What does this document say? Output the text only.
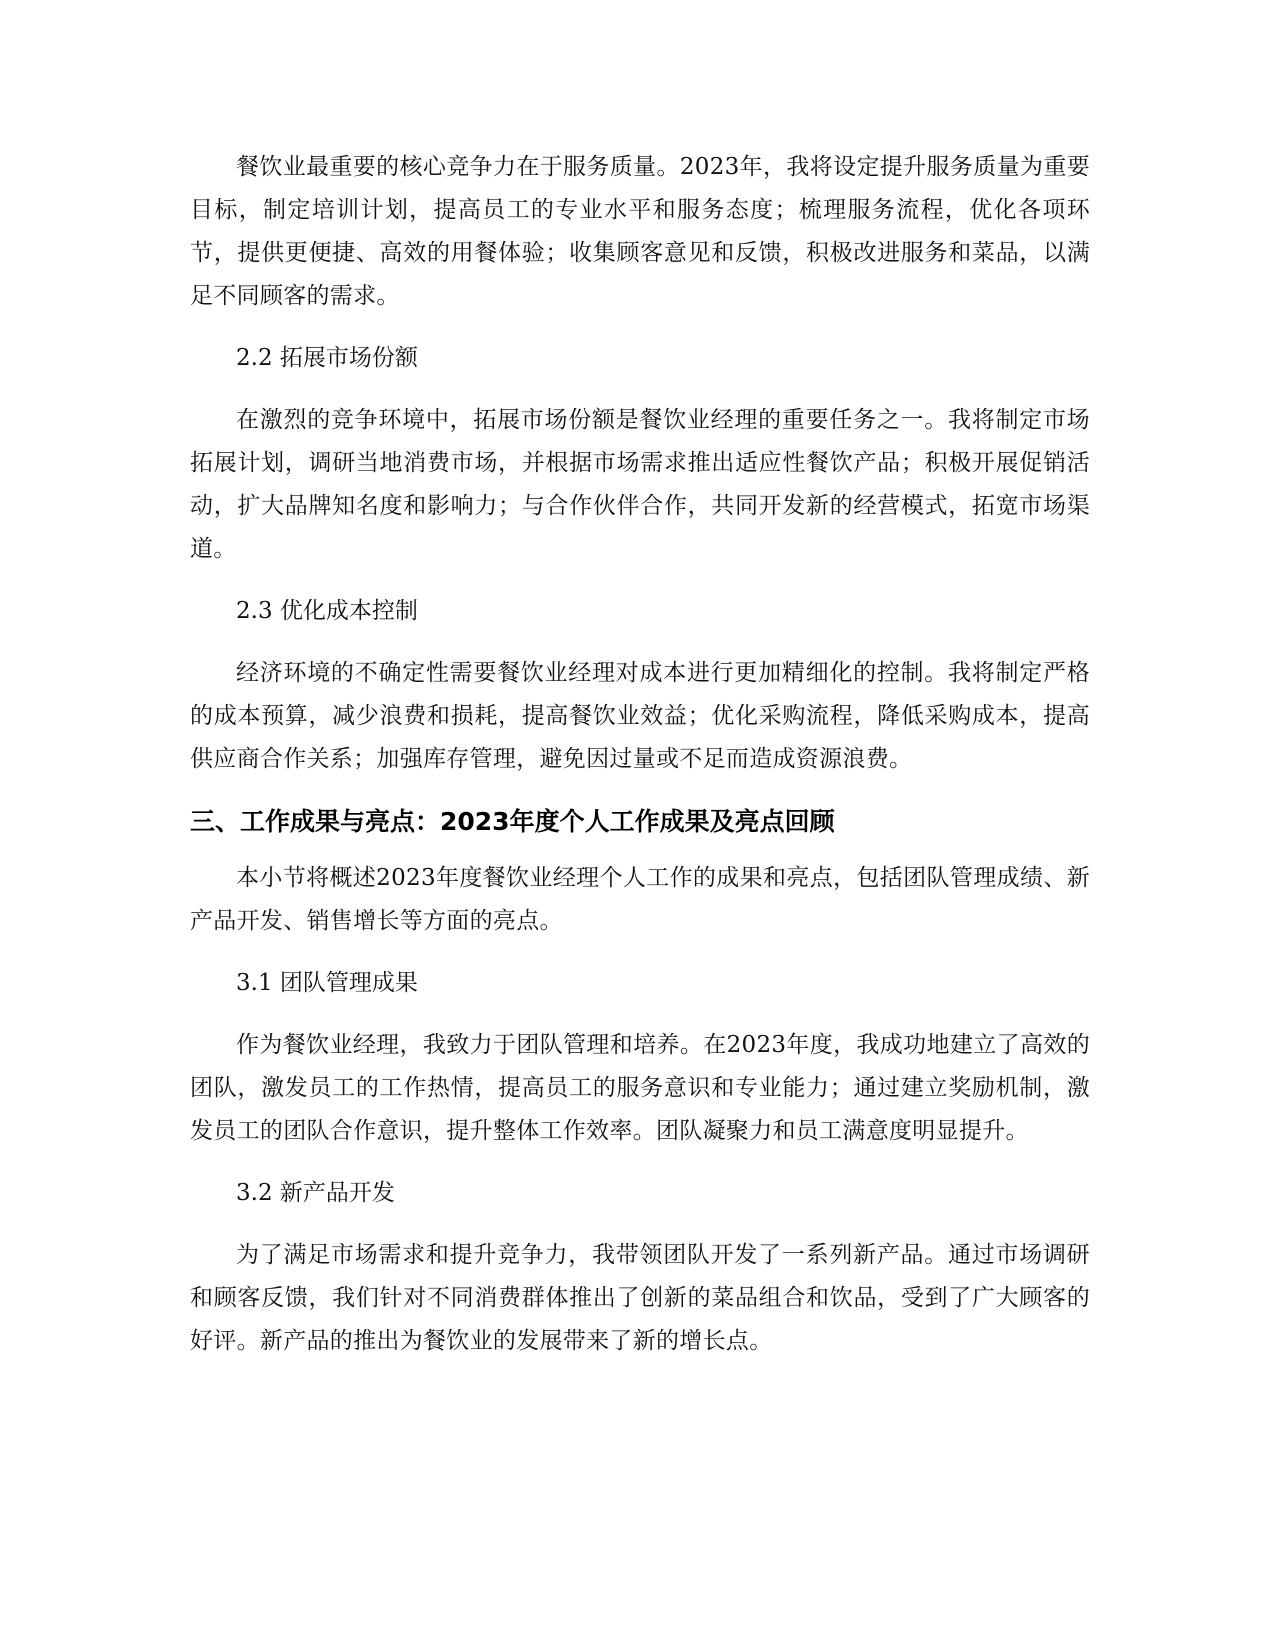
餐饮业最重要的核心竞争力在于服务质量。2023年，我将设定提升服务质量为重要目标，制定培训计划，提高员工的专业水平和服务态度；梳理服务流程，优化各项环节，提供更便捷、高效的用餐体验；收集顾客意见和反馈，积极改进服务和菜品，以满足不同顾客的需求。

2.2 拓展市场份额

在激烈的竞争环境中，拓展市场份额是餐饮业经理的重要任务之一。我将制定市场拓展计划，调研当地消费市场，并根据市场需求推出适应性餐饮产品；积极开展促销活动，扩大品牌知名度和影响力；与合作伙伴合作，共同开发新的经营模式，拓宽市场渠道。

2.3 优化成本控制

经济环境的不确定性需要餐饮业经理对成本进行更加精细化的控制。我将制定严格的成本预算，减少浪费和损耗，提高餐饮业效益；优化采购流程，降低采购成本，提高供应商合作关系；加强库存管理，避免因过量或不足而造成资源浪费。

三、工作成果与亮点：2023年度个人工作成果及亮点回顾

本小节将概述2023年度餐饮业经理个人工作的成果和亮点，包括团队管理成绩、新产品开发、销售增长等方面的亮点。

3.1 团队管理成果

作为餐饮业经理，我致力于团队管理和培养。在2023年度，我成功地建立了高效的团队，激发员工的工作热情，提高员工的服务意识和专业能力；通过建立奖励机制，激发员工的团队合作意识，提升整体工作效率。团队凝聚力和员工满意度明显提升。

3.2 新产品开发

为了满足市场需求和提升竞争力，我带领团队开发了一系列新产品。通过市场调研和顾客反馈，我们针对不同消费群体推出了创新的菜品组合和饮品，受到了广大顾客的好评。新产品的推出为餐饮业的发展带来了新的增长点。
